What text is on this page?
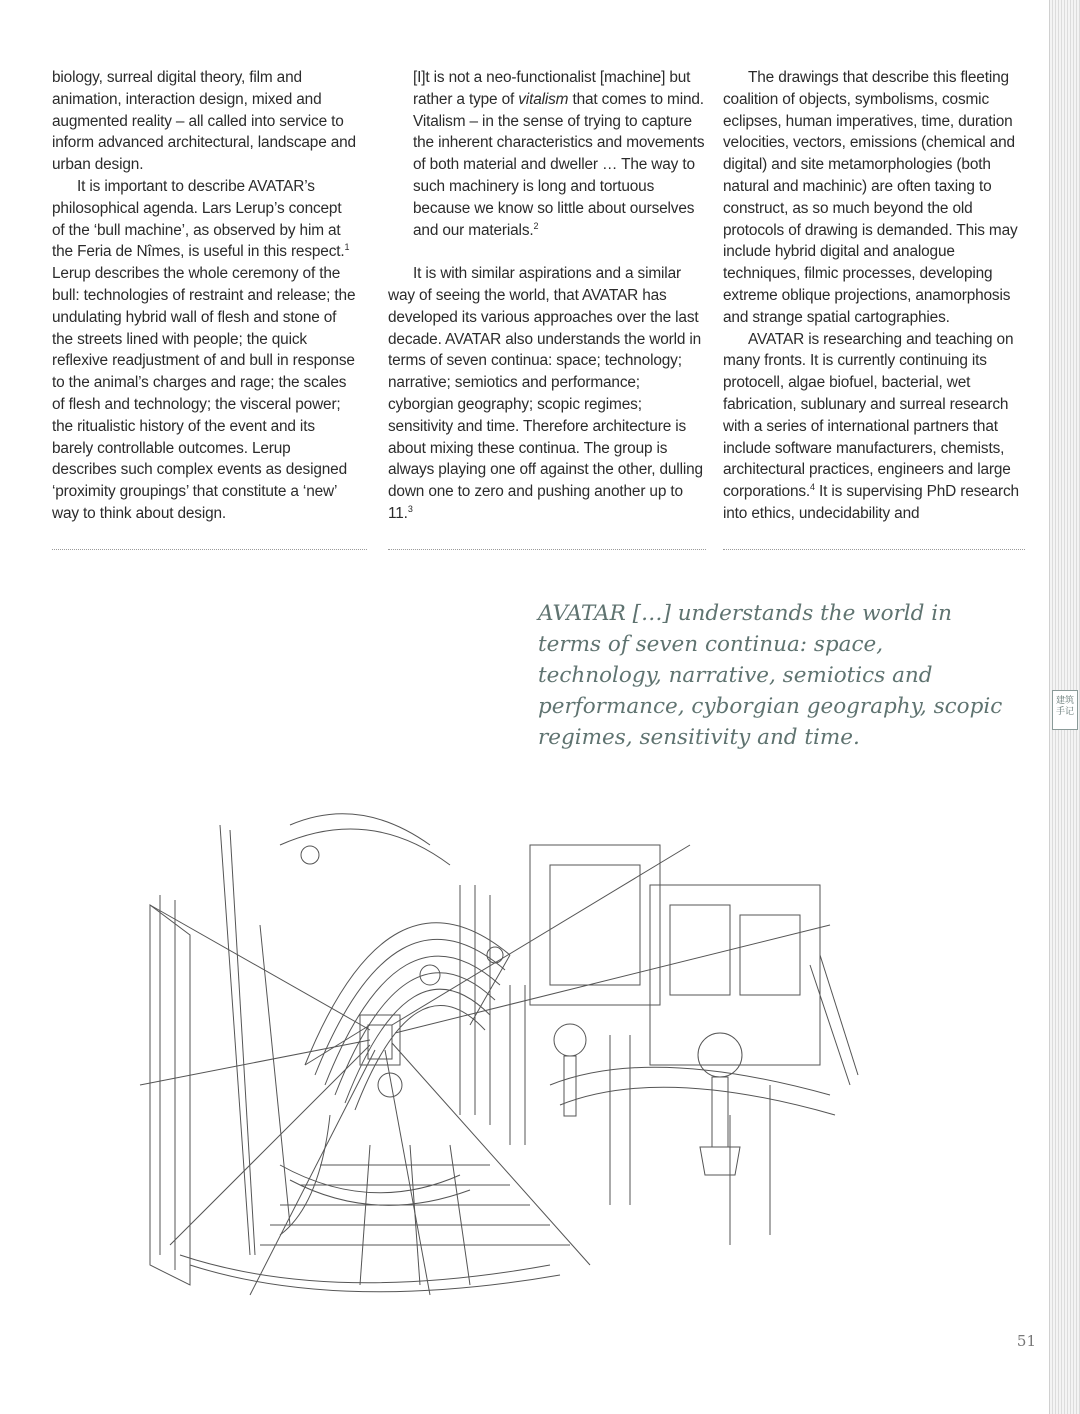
biology, surreal digital theory, film and animation, interaction design, mixed and augmented reality – all called into service to inform advanced architectural, landscape and urban design.

It is important to describe AVATAR’s philosophical agenda. Lars Lerup’s concept of the ‘bull machine’, as observed by him at the Feria de Nîmes, is useful in this respect.$^1$ Lerup describes the whole ceremony of the bull: technologies of restraint and release; the undulating hybrid wall of flesh and stone of the streets lined with people; the quick reflexive readjustment of and bull in response to the animal’s charges and rage; the scales of flesh and technology; the visceral power; the ritualistic history of the event and its barely controllable outcomes. Lerup describes such complex events as designed ‘proximity groupings’ that constitute a ‘new’ way to think about design.

[I]t is not a neo-functionalist [machine] but rather a type of vitalism that comes to mind. Vitalism – in the sense of trying to capture the inherent characteristics and movements of both material and dweller … The way to such machinery is long and tortuous because we know so little about ourselves and our materials.$^2$

It is with similar aspirations and a similar way of seeing the world, that AVATAR has developed its various approaches over the last decade. AVATAR also understands the world in terms of seven continua: space; technology; narrative; semiotics and performance; cyborgian geography; scopic regimes; sensitivity and time. Therefore architecture is about mixing these continua. The group is always playing one off against the other, dulling down one to zero and pushing another up to 11.$^3$

The drawings that describe this fleeting coalition of objects, symbolisms, cosmic eclipses, human imperatives, time, duration velocities, vectors, emissions (chemical and digital) and site metamorphologies (both natural and machinic) are often taxing to construct, as so much beyond the old protocols of drawing is demanded. This may include hybrid digital and analogue techniques, filmic processes, developing extreme oblique projections, anamorphosis and strange spatial cartographies.

AVATAR is researching and teaching on many fronts. It is currently continuing its protocell, algae biofuel, bacterial, wet fabrication, sublunary and surreal research with a series of international partners that include software manufacturers, chemists, architectural practices, engineers and large corporations.$^4$ It is supervising PhD research into ethics, undecidability and

AVATAR […] understands the world in terms of seven continua: space, technology, narrative, semiotics and performance, cyborgian geography, scopic regimes, sensitivity and time.

建筑
手记
51
